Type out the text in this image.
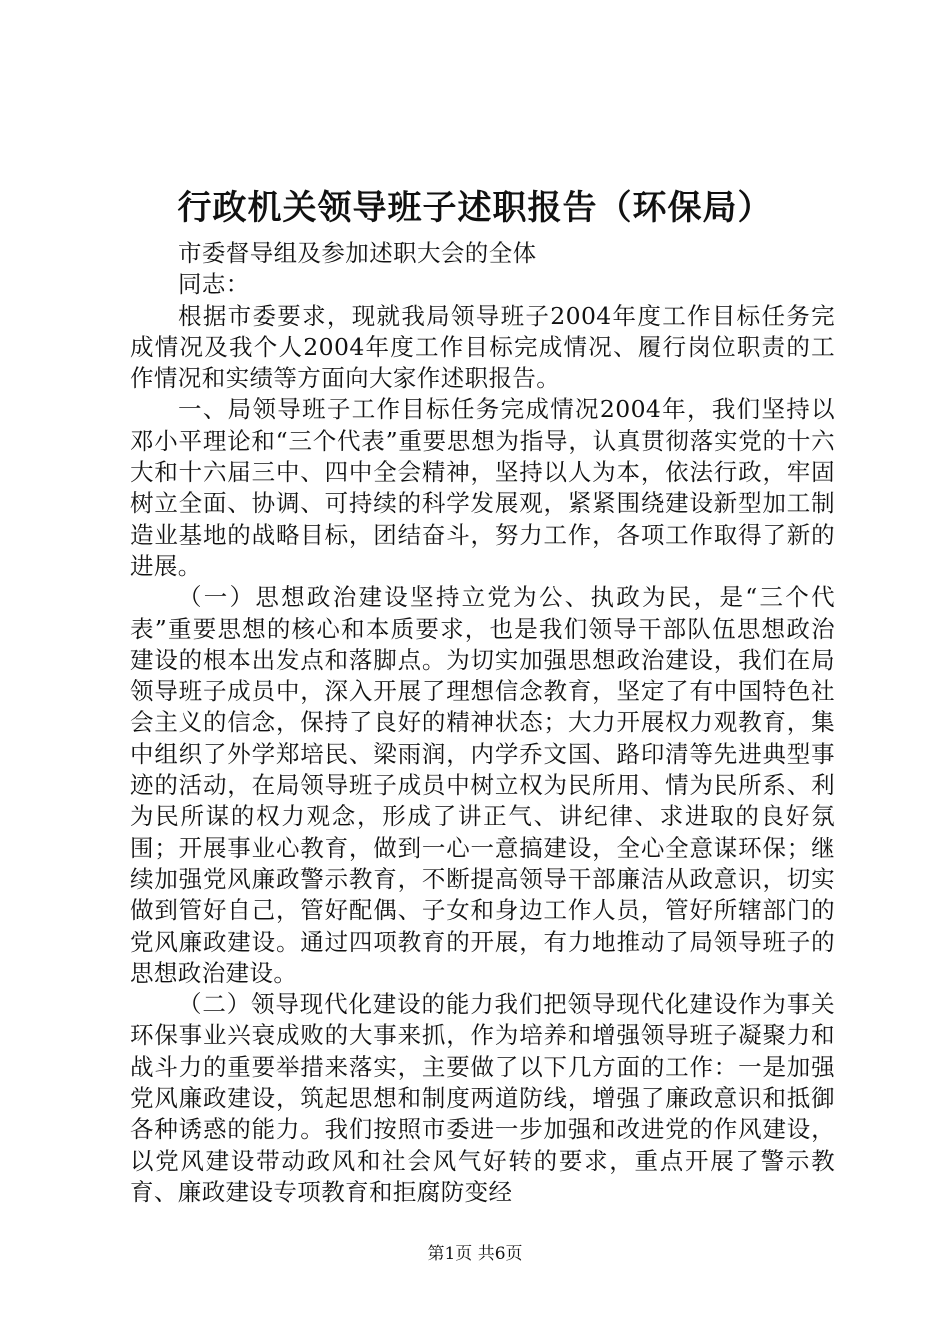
行政机关领导班子述职报告（环保局）

市委督导组及参加述职大会的全体

同志：

根据市委要求，现就我局领导班子2004年度工作目标任务完成情况及我个人2004年度工作目标完成情况、履行岗位职责的工作情况和实绩等方面向大家作述职报告。

一、局领导班子工作目标任务完成情况2004年，我们坚持以邓小平理论和“三个代表”重要思想为指导，认真贯彻落实党的十六大和十六届三中、四中全会精神，坚持以人为本，依法行政，牢固树立全面、协调、可持续的科学发展观，紧紧围绕建设新型加工制造业基地的战略目标，团结奋斗，努力工作，各项工作取得了新的进展。

（一）思想政治建设坚持立党为公、执政为民，是“三个代表”重要思想的核心和本质要求，也是我们领导干部队伍思想政治建设的根本出发点和落脚点。为切实加强思想政治建设，我们在局领导班子成员中，深入开展了理想信念教育，坚定了有中国特色社会主义的信念，保持了良好的精神状态；大力开展权力观教育，集中组织了外学郑培民、梁雨润，内学乔文国、路印清等先进典型事迹的活动，在局领导班子成员中树立权为民所用、情为民所系、利为民所谋的权力观念，形成了讲正气、讲纪律、求进取的良好氛围；开展事业心教育，做到一心一意搞建设，全心全意谋环保；继续加强党风廉政警示教育，不断提高领导干部廉洁从政意识，切实做到管好自己，管好配偶、子女和身边工作人员，管好所辖部门的党风廉政建设。通过四项教育的开展，有力地推动了局领导班子的思想政治建设。

（二）领导现代化建设的能力我们把领导现代化建设作为事关环保事业兴衰成败的大事来抓，作为培养和增强领导班子凝聚力和战斗力的重要举措来落实，主要做了以下几方面的工作：一是加强党风廉政建设，筑起思想和制度两道防线，增强了廉政意识和抵御各种诱惑的能力。我们按照市委进一步加强和改进党的作风建设，以党风建设带动政风和社会风气好转的要求，重点开展了警示教育、廉政建设专项教育和拒腐防变经

第1页 共6页
